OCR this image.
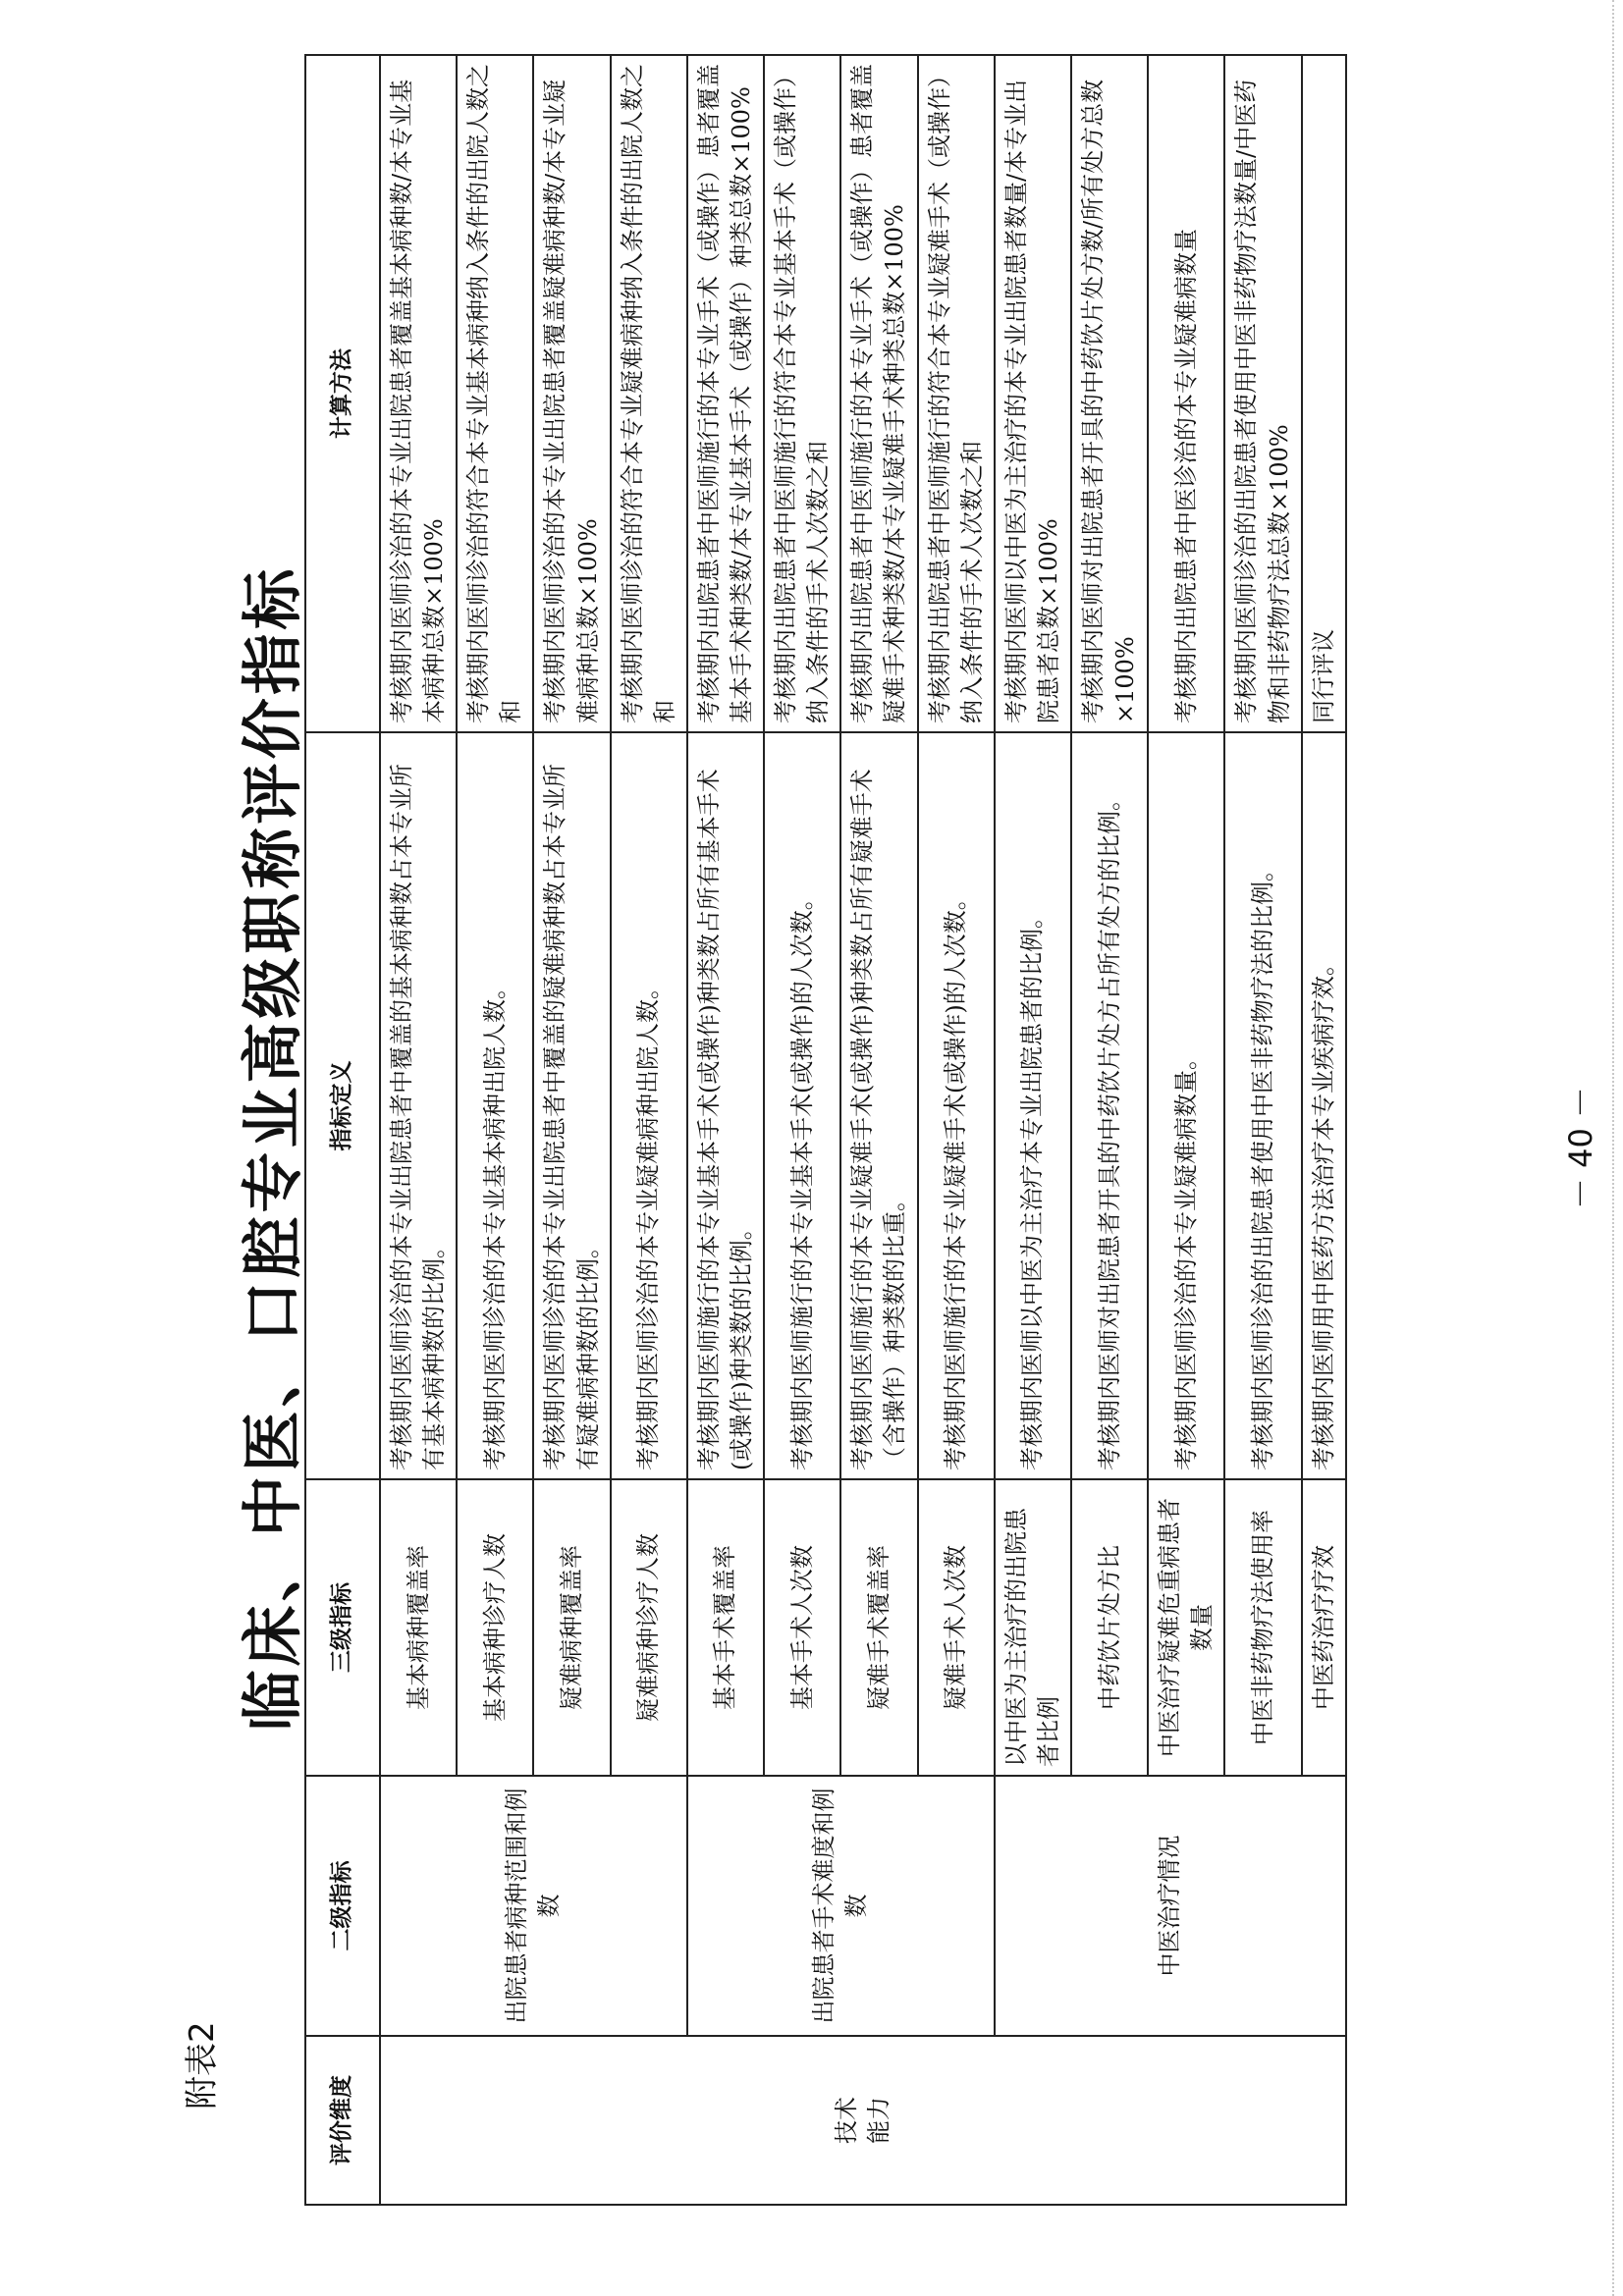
附表2
临床、中医、口腔专业高级职称评价指标
评价维度	二级指标	三级指标	指标定义	计算方法

技术 能力	出院患者病种范围和例数	基本病种覆盖率	考核期内医师诊治的本专业出院患者中覆盖的基本病种数占本专业所有基本病种数的比例。	考核期内医师诊治的本专业出院患者覆盖基本病种数/本专业基本病种总数×100%
		基本病种诊疗人数	考核期内医师诊治的本专业基本病种出院人数。	考核期内医师诊治的符合本专业基本病种纳入条件的出院人数之和
		疑难病种覆盖率	考核期内医师诊治的本专业出院患者中覆盖的疑难病种数占本专业所有疑难病种数的比例。	考核期内医师诊治的本专业出院患者覆盖疑难病种数/本专业疑难病种总数×100%
		疑难病种诊疗人数	考核期内医师诊治的本专业疑难病种出院人数。	考核期内医师诊治的符合本专业疑难病种纳入条件的出院人数之和
	出院患者手术难度和例数	基本手术覆盖率	考核期内医师施行的本专业基本手术(或操作)种类数占所有基本手术(或操作)种类数的比例。	考核期内出院患者中医师施行的本专业手术（或操作）患者覆盖基本手术种类数/本专业基本手术（或操作）种类总数×100%
		基本手术人次数	考核期内医师施行的本专业基本手术(或操作)的人次数。	考核期内出院患者中医师施行的符合本专业基本手术（或操作）纳入条件的手术人次数之和
		疑难手术覆盖率	考核期内医师施行的本专业疑难手术(或操作)种类数占所有疑难手术（含操作）种类数的比重。	考核期内出院患者中医师施行的本专业手术（或操作）患者覆盖疑难手术种类数/本专业疑难手术种类总数×100%
		疑难手术人次数	考核期内医师施行的本专业疑难手术(或操作)的人次数。	考核期内出院患者中医师施行的符合本专业疑难手术（或操作）纳入条件的手术人次数之和
	中医治疗情况	以中医为主治疗的出院患者比例	考核期内医师以中医为主治疗本专业出院患者的比例。	考核期内医师以中医为主治疗的本专业出院患者数量/本专业出院患者总数×100%
		中药饮片处方比	考核期内医师对出院患者开具的中药饮片处方占所有处方的比例。	考核期内医师对出院患者开具的中药饮片处方数/所有处方总数×100%
		中医治疗疑难危重病患者数量	考核期内医师诊治的本专业疑难病数量。	考核期内出院患者中医诊治的本专业疑难病数量
		中医非药物疗法使用率	考核期内医师诊治的出院患者使用中医非药物疗法的比例。	考核期内医师诊治的出院患者使用中医非药物疗法数量/中医药物和非药物疗法总数×100%
		中医药治疗疗效	考核期内医师用中医药方法治疗本专业疾病疗效。	同行评议
－ 40 －
